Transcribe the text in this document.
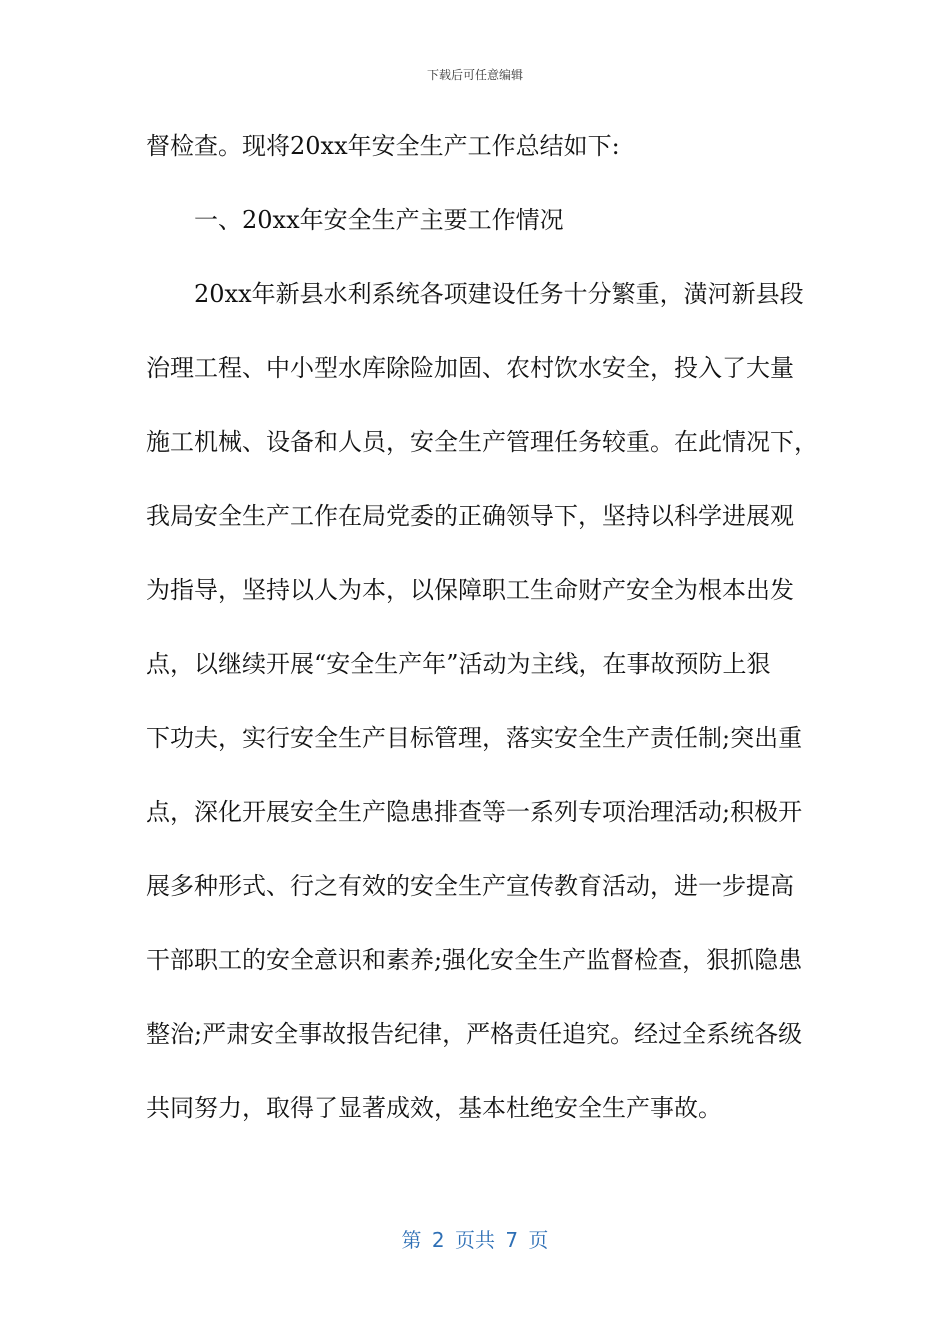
下载后可任意编辑
督检查。现将20xx年安全生产工作总结如下:
一、20xx年安全生产主要工作情况
20xx年新县水利系统各项建设任务十分繁重，潢河新县段
治理工程、中小型水库除险加固、农村饮水安全，投入了大量
施工机械、设备和人员，安全生产管理任务较重。在此情况下，
我局安全生产工作在局党委的正确领导下，坚持以科学进展观
为指导，坚持以人为本，以保障职工生命财产安全为根本出发
点，以继续开展“安全生产年”活动为主线，在事故预防上狠
下功夫，实行安全生产目标管理，落实安全生产责任制;突出重
点，深化开展安全生产隐患排查等一系列专项治理活动;积极开
展多种形式、行之有效的安全生产宣传教育活动，进一步提高
干部职工的安全意识和素养;强化安全生产监督检查，狠抓隐患
整治;严肃安全事故报告纪律，严格责任追究。经过全系统各级
共同努力，取得了显著成效，基本杜绝安全生产事故。
第 2 页共 7 页
